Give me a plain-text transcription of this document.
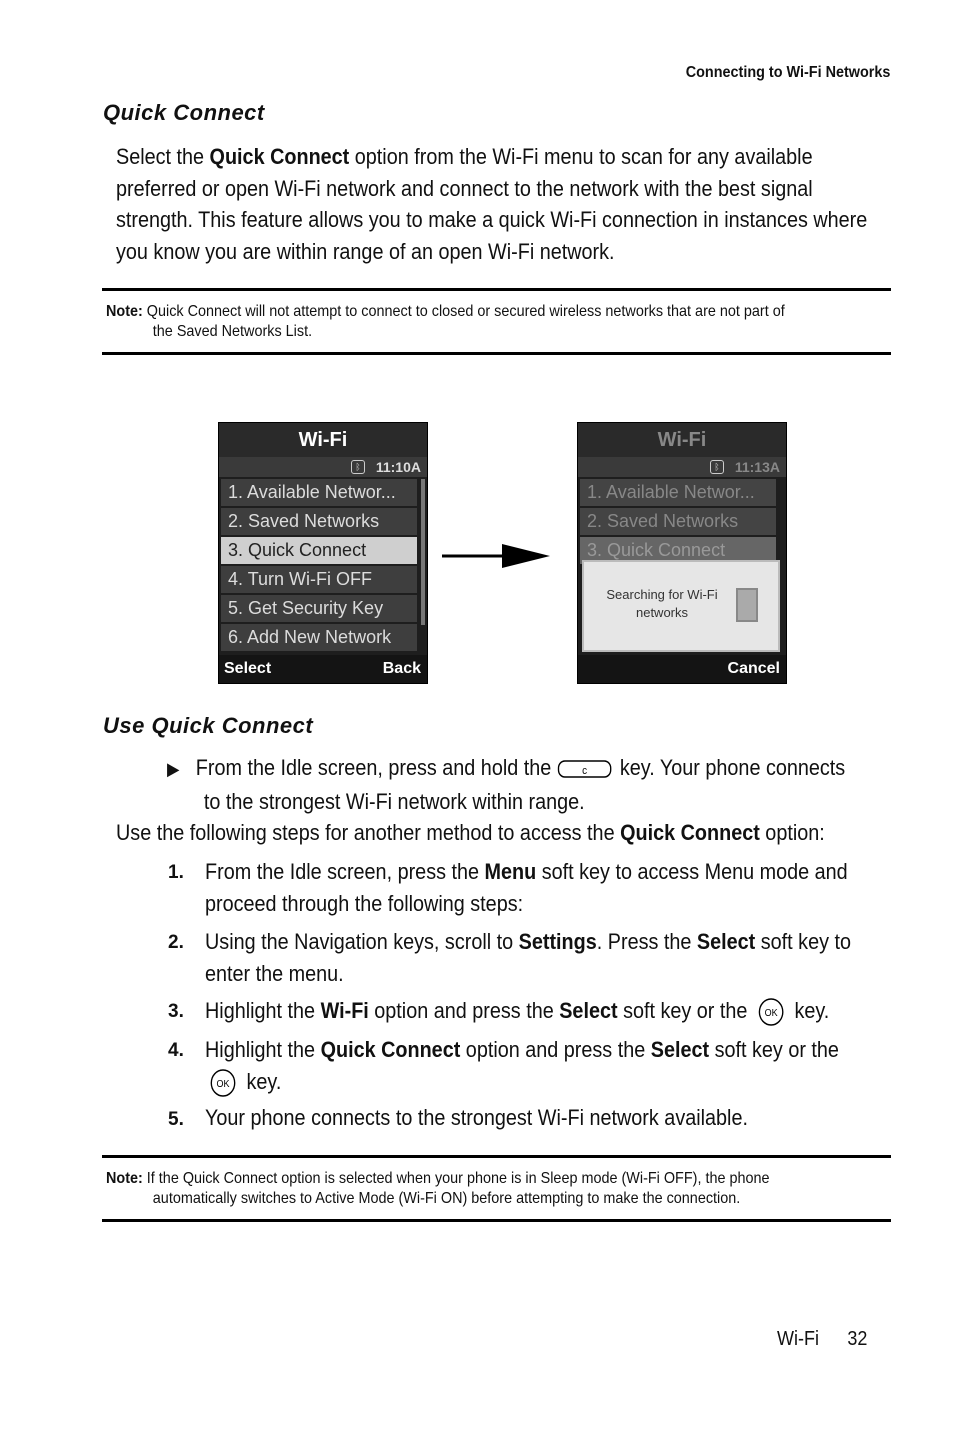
Connecting to Wi-Fi Networks
Quick Connect
Select the Quick Connect option from the Wi-Fi menu to scan for any available preferred or open Wi-Fi network and connect to the network with the best signal strength. This feature allows you to make a quick Wi-Fi connection in instances where you know you are within range of an open Wi-Fi network.
Note: Quick Connect will not attempt to connect to closed or secured wireless networks that are not part of
the Saved Networks List.
Wi-Fi
ᛒ	11:10A
1. Available Networ...
2. Saved Networks
3. Quick Connect
4. Turn Wi-Fi OFF
5. Get Security Key
6. Add New Network
Select	Back
Wi-Fi
ᛒ	11:13A
1. Available Networ...
2. Saved Networks
3. Quick Connect
Searching for Wi-Fi networks
Cancel
Use Quick Connect
▶ From the Idle screen, press and hold the	c key. Your phone connects
to the strongest Wi-Fi network within range.
Use the following steps for another method to access the Quick Connect option:
1. From the Idle screen, press the Menu soft key to access Menu mode and
proceed through the following steps:
2. Using the Navigation keys, scroll to Settings. Press the Select soft key to
enter the menu.
3. Highlight the Wi-Fi option and press the Select soft key or the OK key.
4. Highlight the Quick Connect option and press the Select soft key or the
OK key.
5. Your phone connects to the strongest Wi-Fi network available.
Note: If the Quick Connect option is selected when your phone is in Sleep mode (Wi-Fi OFF), the phone
automatically switches to Active Mode (Wi-Fi ON) before attempting to make the connection.
Wi-Fi 32
